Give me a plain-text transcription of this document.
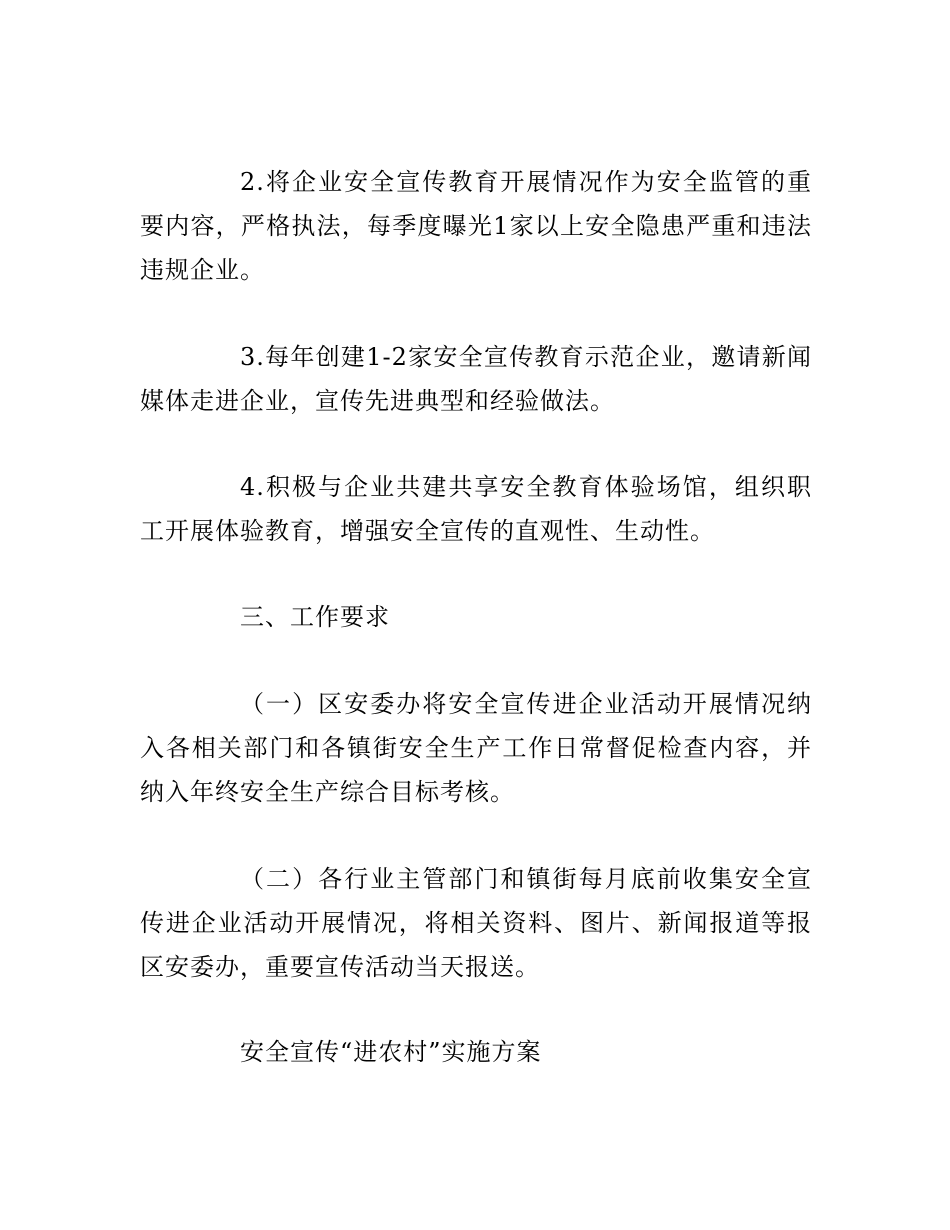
2.将企业安全宣传教育开展情况作为安全监管的重要内容，严格执法，每季度曝光1家以上安全隐患严重和违法违规企业。

3.每年创建1-2家安全宣传教育示范企业，邀请新闻媒体走进企业，宣传先进典型和经验做法。

4.积极与企业共建共享安全教育体验场馆，组织职工开展体验教育，增强安全宣传的直观性、生动性。

三、工作要求

（一）区安委办将安全宣传进企业活动开展情况纳入各相关部门和各镇街安全生产工作日常督促检查内容，并纳入年终安全生产综合目标考核。

（二）各行业主管部门和镇街每月底前收集安全宣传进企业活动开展情况，将相关资料、图片、新闻报道等报区安委办，重要宣传活动当天报送。

安全宣传“进农村”实施方案
